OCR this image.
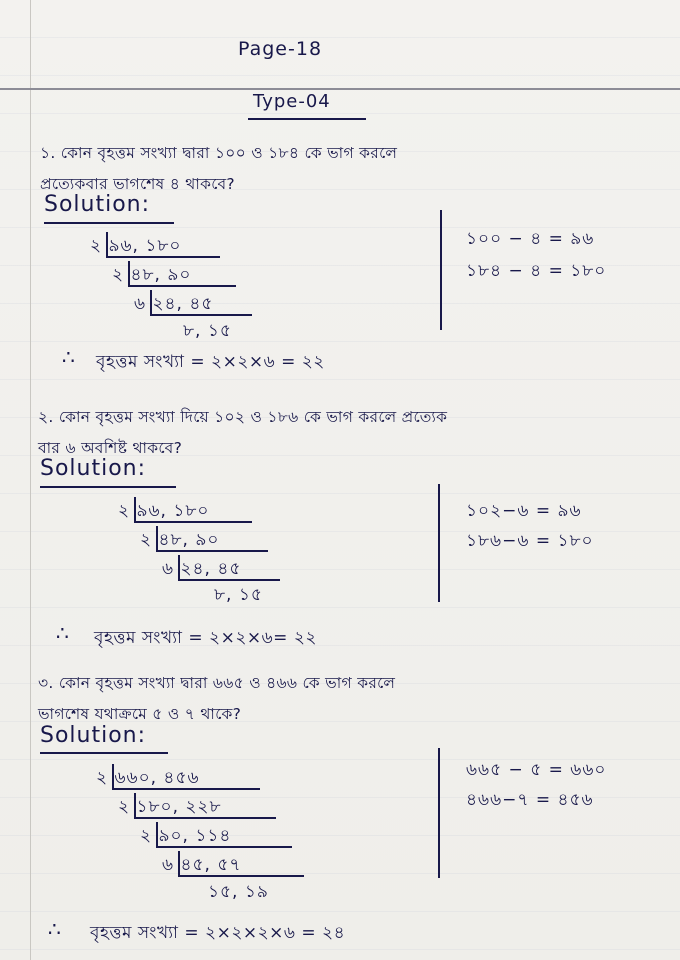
Page-18
Type-04
১. কোন বৃহত্তম সংখ্যা দ্বারা ১০০ ও ১৮৪ কে ভাগ করলে
প্রত্যেকবার ভাগশেষ ৪ থাকবে?
Solution:
২ ৯৬, ১৮০
২ ৪৮, ৯০
৬ ২৪, ৪৫
৮, ১৫
১০০ − ৪ = ৯৬
১৮৪ − ৪ = ১৮০
∴ বৃহত্তম সংখ্যা = ২×২×৬ = ২২
২. কোন বৃহত্তম সংখ্যা দিয়ে ১০২ ও ১৮৬ কে ভাগ করলে প্রত্যেক
বার ৬ অবশিষ্ট থাকবে?
Solution:
২ ৯৬, ১৮০
২ ৪৮, ৯০
৬ ২৪, ৪৫
৮, ১৫
১০২−৬ = ৯৬
১৮৬−৬ = ১৮০
∴ বৃহত্তম সংখ্যা = ২×২×৬= ২২
৩. কোন বৃহত্তম সংখ্যা দ্বারা ৬৬৫ ও ৪৬৬ কে ভাগ করলে
ভাগশেষ যথাক্রমে ৫ ও ৭ থাকে?
Solution:
২ ৬৬০, ৪৫৬
২ ১৮০, ২২৮
২ ৯০, ১১৪
৬ ৪৫, ৫৭
১৫, ১৯
৬৬৫ − ৫ = ৬৬০
৪৬৬−৭ = ৪৫৬
∴ বৃহত্তম সংখ্যা = ২×২×২×৬ = ২৪
